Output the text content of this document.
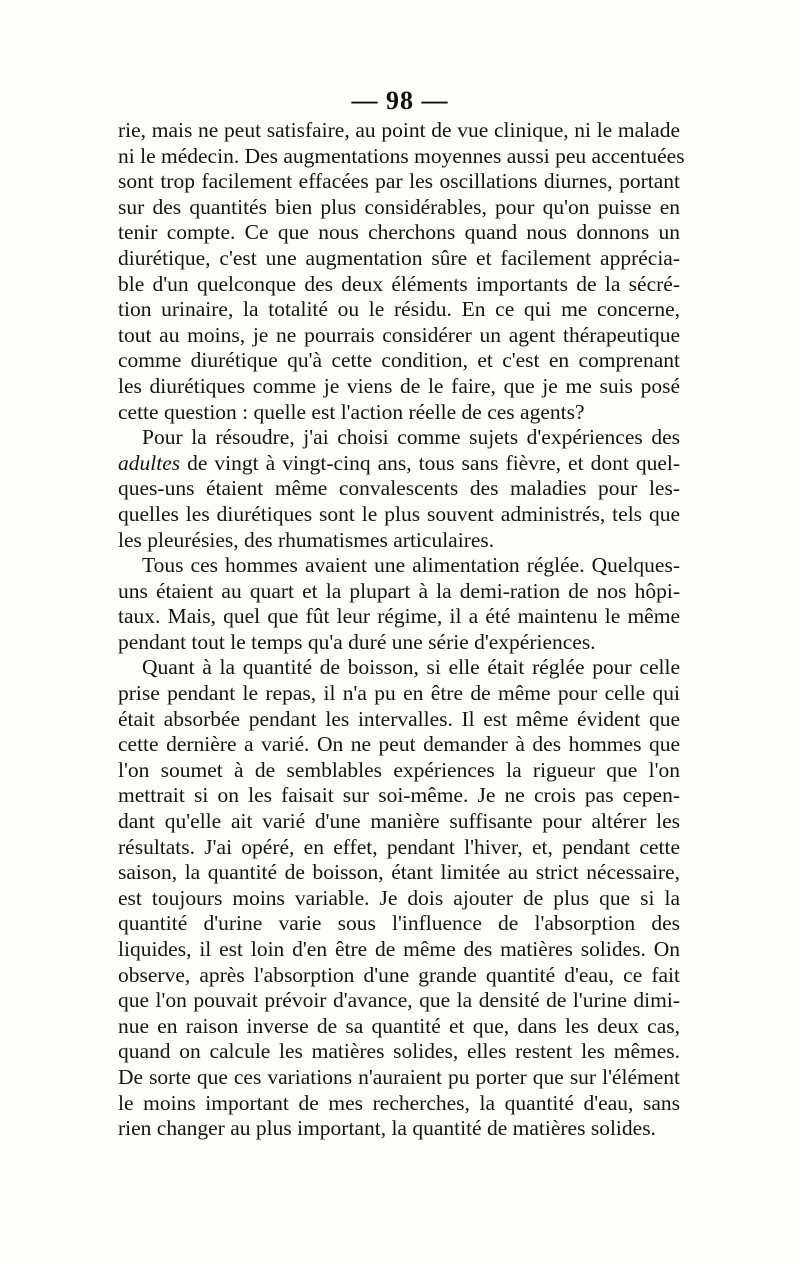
— 98 —
rie, mais ne peut satisfaire, au point de vue clinique, ni le malade
ni le médecin. Des augmentations moyennes aussi peu accentuées
sont trop facilement effacées par les oscillations diurnes, portant
sur des quantités bien plus considérables, pour qu'on puisse en
tenir compte. Ce que nous cherchons quand nous donnons un
diurétique, c'est une augmentation sûre et facilement apprécia-
ble d'un quelconque des deux éléments importants de la sécré-
tion urinaire, la totalité ou le résidu. En ce qui me concerne,
tout au moins, je ne pourrais considérer un agent thérapeutique
comme diurétique qu'à cette condition, et c'est en comprenant
les diurétiques comme je viens de le faire, que je me suis posé
cette question : quelle est l'action réelle de ces agents?
Pour la résoudre, j'ai choisi comme sujets d'expériences des
adultes de vingt à vingt-cinq ans, tous sans fièvre, et dont quel-
ques-uns étaient même convalescents des maladies pour les-
quelles les diurétiques sont le plus souvent administrés, tels que
les pleurésies, des rhumatismes articulaires.
Tous ces hommes avaient une alimentation réglée. Quelques-
uns étaient au quart et la plupart à la demi-ration de nos hôpi-
taux. Mais, quel que fût leur régime, il a été maintenu le même
pendant tout le temps qu'a duré une série d'expériences.
Quant à la quantité de boisson, si elle était réglée pour celle
prise pendant le repas, il n'a pu en être de même pour celle qui
était absorbée pendant les intervalles. Il est même évident que
cette dernière a varié. On ne peut demander à des hommes que
l'on soumet à de semblables expériences la rigueur que l'on
mettrait si on les faisait sur soi-même. Je ne crois pas cepen-
dant qu'elle ait varié d'une manière suffisante pour altérer les
résultats. J'ai opéré, en effet, pendant l'hiver, et, pendant cette
saison, la quantité de boisson, étant limitée au strict nécessaire,
est toujours moins variable. Je dois ajouter de plus que si la
quantité d'urine varie sous l'influence de l'absorption des
liquides, il est loin d'en être de même des matières solides. On
observe, après l'absorption d'une grande quantité d'eau, ce fait
que l'on pouvait prévoir d'avance, que la densité de l'urine dimi-
nue en raison inverse de sa quantité et que, dans les deux cas,
quand on calcule les matières solides, elles restent les mêmes.
De sorte que ces variations n'auraient pu porter que sur l'élément
le moins important de mes recherches, la quantité d'eau, sans
rien changer au plus important, la quantité de matières solides.
